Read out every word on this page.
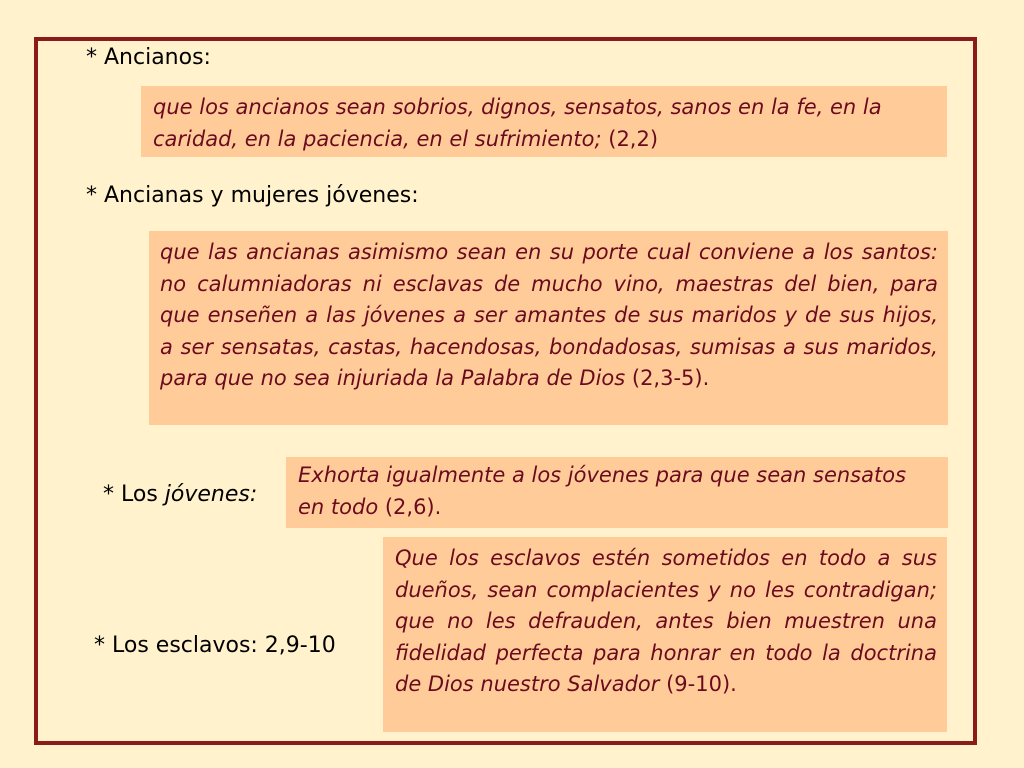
* Ancianos:

que los ancianos sean sobrios, dignos, sensatos, sanos en la fe, en la caridad, en la paciencia, en el sufrimiento; (2,2)

* Ancianas y mujeres jóvenes:

que las ancianas asimismo sean en su porte cual conviene a los santos: no calumniadoras ni esclavas de mucho vino, maestras del bien, para que enseñen a las jóvenes a ser amantes de sus maridos y de sus hijos, a ser sensatas, castas, hacendosas, bondadosas, sumisas a sus maridos, para que no sea injuriada la Palabra de Dios (2,3-5).

* Los jóvenes:

Exhorta igualmente a los jóvenes para que sean sensatos en todo (2,6).

* Los esclavos: 2,9-10

Que los esclavos estén sometidos en todo a sus dueños, sean complacientes y no les contradigan; que no les defrauden, antes bien muestren una fidelidad perfecta para honrar en todo la doctrina de Dios nuestro Salvador (9-10).
